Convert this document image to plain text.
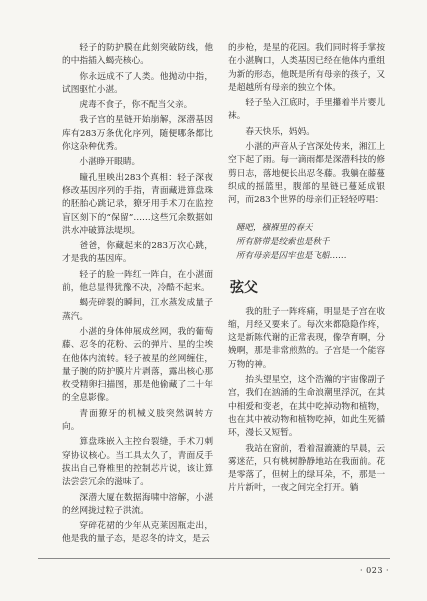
轻子的防护膜在此刻突破防线，他的中指插入蝎壳核心。

你永远成不了人类。他抛动中指，试图驱忙小湛。

虎毒不食子，你不配当父亲。

我子宫的星链开始崩解，深潜基因库有283万条优化序列，随便哪条都比你这杂种优秀。

小湛睁开眼睛。

瞳孔里映出283个真相：轻子深夜修改基因序列的手指，青面藏进算盘珠的胚胎心跳记录，獠牙用手术刀在监控盲区刻下的“保留”……这些冗余数据如洪水冲破算法堤坝。

爸爸，你藏起来的283万次心跳，才是我的基因库。

轻子的脸一阵红一阵白，在小湛面前，他总显得犹豫不决，冷酷不起来。

蝎壳碎裂的瞬间，江水蒸发成量子蒸汽。

小湛的身体伸展成丝网，我的葡萄藤、忍冬的花粉、云的弹片、星的尘埃在他体内流转。轻子被星的丝网缠住，量子腕的防护膜片片剥落，露出核心那枚受精卵扫描图，那是他偷藏了二十年的全息影像。

青面獠牙的机械义肢突然调转方向。

算盘珠嵌入主控台裂缝，手术刀刺穿协议核心。当工具太久了，青面反手拔出自己脊椎里的控制芯片说，该让算法尝尝冗余的滋味了。

深潜大厦在数据海啸中溶解，小湛的丝网拢过粒子洪流。

穿碎花裙的少年从克莱因瓶走出，他是我的量子态，是忍冬的诗文，是云

的步枪，是星的花园。我们同时将手掌按在小湛胸口，人类基因已经在他体内重组为新的形态，他既是所有母亲的孩子，又是超越所有母亲的独立个体。

轻子坠入江底时，手里攥着半片婴儿袜。

春天快乐，妈妈。

小湛的声音从子宫深处传来，湘江上空下起了雨。每一滴雨都是深潜科技的修剪日志，落地便长出忍冬藤。我躺在藤蔓织成的摇篮里，腹部的星链已蔓延成银河，而283个世界的母亲们正轻轻哼唱：

睡吧，襁褓里的春天
所有脐带是绞索也是秋千
所有母亲是囚牢也是飞船……
弦父

我的肚子一阵疼痛，明显是子宫在收缩，月经又要来了。每次来都隐隐作疼，这是新陈代谢的正常表现，像孕育啊，分娩啊，那是非常煎熬的。子宫是一个能容万物的神。

抬头望星空，这个浩瀚的宇宙像副子宫，我们在汹涌的生命浪潮里浮沉，在其中相爱和变老，在其中吃掉动物和植物，也在其中被动物和植物吃掉，如此生死循环，漫长又短暂。

我站在窗前，看着湿漉漉的早晨，云雾迷茫，只有桃树静静地站在我面前。花是零落了，但树上的绿耳朵，不，那是一片片新叶，一夜之间完全打开。躺

· 023 ·
